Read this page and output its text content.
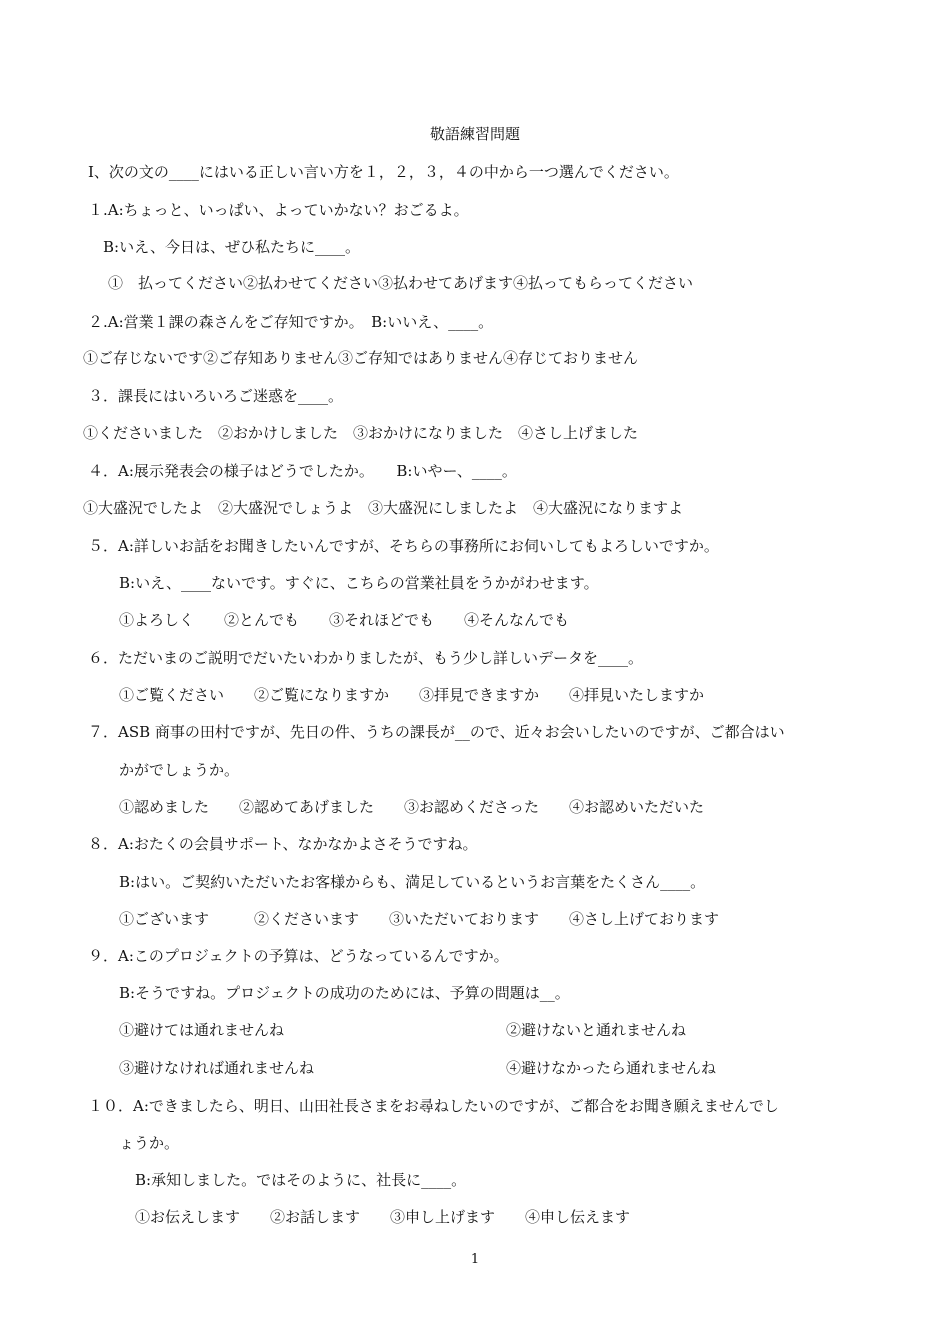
敬語練習問題
Ⅰ、次の文の____にはいる正しい言い方を１，２，３，４の中から一つ選んでください。
１.A:ちょっと、いっぱい、よっていかない？おごるよ。
B:いえ、今日は、ぜひ私たちに____。
①　払ってください②払わせてください③払わせてあげます④払ってもらってください
２.A:営業１課の森さんをご存知ですか。　B:いいえ、____。
①ご存じないです②ご存知ありません③ご存知ではありません④存じておりません
３．課長にはいろいろご迷惑を____。
①くださいました　②おかけしました　③おかけになりました　④さし上げました
４．A:展示発表会の様子はどうでしたか。　　B:いやー、____。
①大盛況でしたよ　②大盛況でしょうよ　③大盛況にしましたよ　④大盛況になりますよ
５．A:詳しいお話をお聞きしたいんですが、そちらの事務所にお伺いしてもよろしいですか。
B:いえ、____ないです。すぐに、こちらの営業社員をうかがわせます。
①よろしく　　②とんでも　　③それほどでも　　④そんなんでも
６．ただいまのご説明でだいたいわかりましたが、もう少し詳しいデータを____。
①ご覧ください　　②ご覧になりますか　　③拝見できますか　　④拝見いたしますか
７．ASB 商事の田村ですが、先日の件、うちの課長が__ので、近々お会いしたいのですが、ご都合はい
かがでしょうか。
①認めました　　②認めてあげました　　③お認めくださった　　④お認めいただいた
８．A:おたくの会員サポート、なかなかよさそうですね。
B:はい。ご契約いただいたお客様からも、満足しているというお言葉をたくさん____。
①ございます　　　②くださいます　　③いただいております　　④さし上げております
９．A:このプロジェクトの予算は、どうなっているんですか。
B:そうですね。プロジェクトの成功のためには、予算の問題は__。
①避けては通れませんね	②避けないと通れませんね
③避けなければ通れませんね	④避けなかったら通れませんね
１０．A:できましたら、明日、山田社長さまをお尋ねしたいのですが、ご都合をお聞き願えませんでし
ょうか。
B:承知しました。ではそのように、社長に____。
①お伝えします　　②お話します　　③申し上げます　　④申し伝えます
1
